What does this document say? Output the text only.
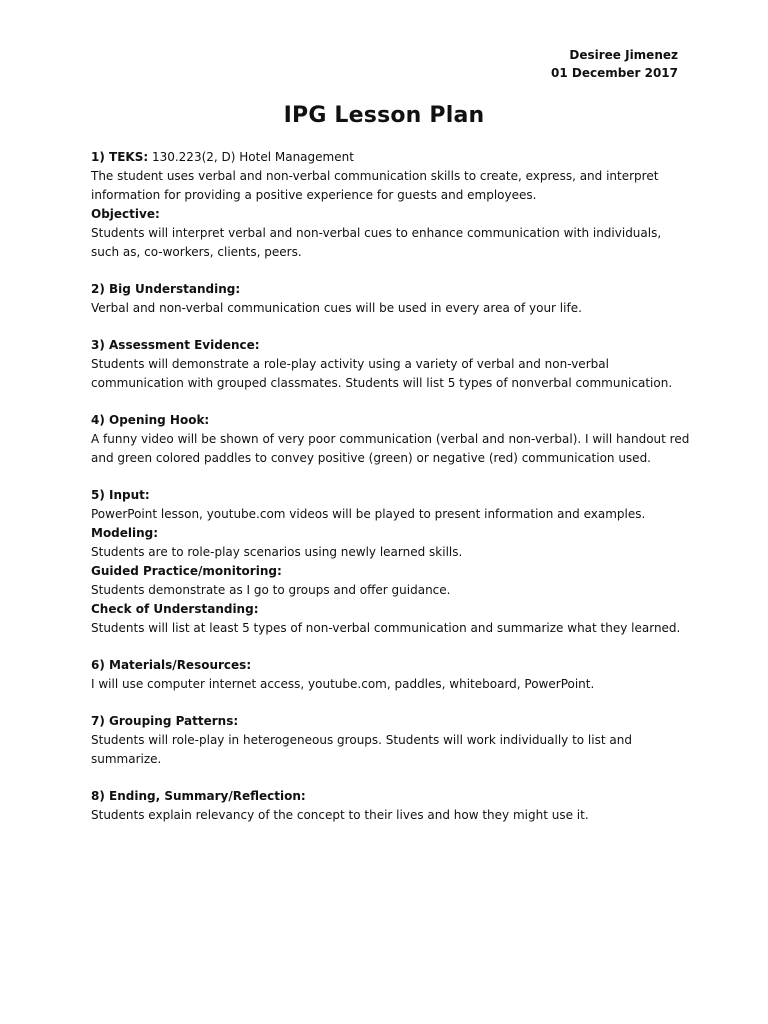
Desiree Jimenez
01 December 2017
IPG Lesson Plan

1) TEKS: 130.223(2, D) Hotel Management

The student uses verbal and non-verbal communication skills to create, express, and interpret information for providing a positive experience for guests and employees.

Objective:

Students will interpret verbal and non-verbal cues to enhance communication with individuals, such as, co-workers, clients, peers.

2) Big Understanding:

Verbal and non-verbal communication cues will be used in every area of your life.

3) Assessment Evidence:

Students will demonstrate a role-play activity using a variety of verbal and non-verbal communication with grouped classmates. Students will list 5 types of nonverbal communication.

4) Opening Hook:

A funny video will be shown of very poor communication (verbal and non-verbal). I will handout red and green colored paddles to convey positive (green) or negative (red) communication used.

5) Input:

PowerPoint lesson, youtube.com videos will be played to present information and examples.

Modeling:

Students are to role-play scenarios using newly learned skills.

Guided Practice/monitoring:

Students demonstrate as I go to groups and offer guidance.

Check of Understanding:

Students will list at least 5 types of non-verbal communication and summarize what they learned.

6) Materials/Resources:

I will use computer internet access, youtube.com, paddles, whiteboard, PowerPoint.

7) Grouping Patterns:

Students will role-play in heterogeneous groups. Students will work individually to list and summarize.

8) Ending, Summary/Reflection:

Students explain relevancy of the concept to their lives and how they might use it.
